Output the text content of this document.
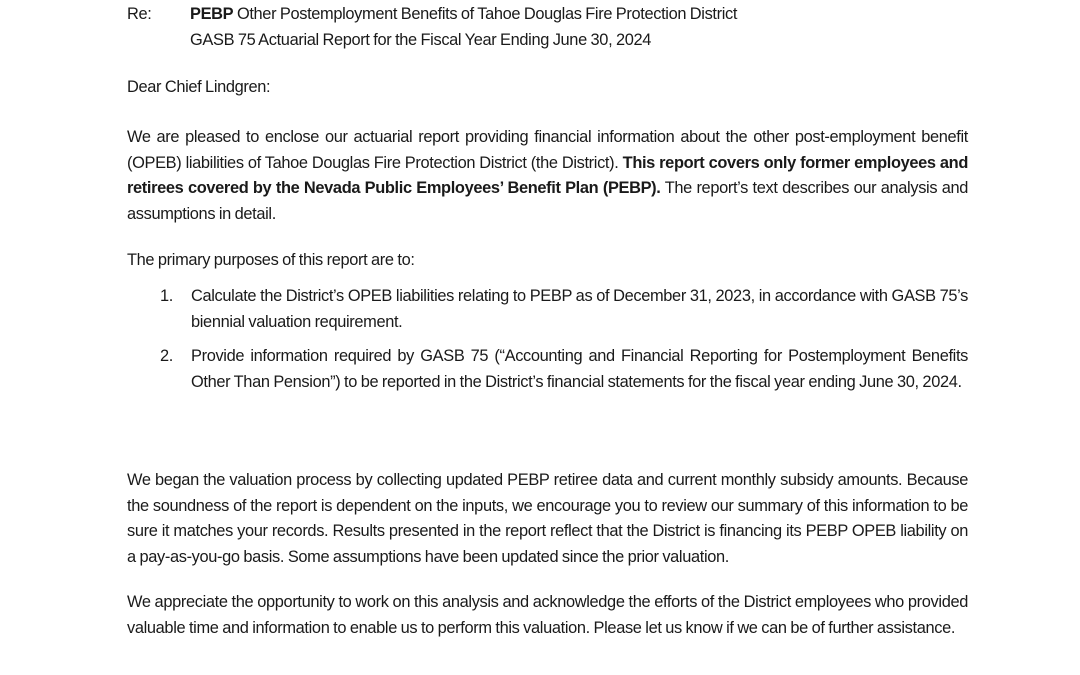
Re:	PEBP Other Postemployment Benefits of Tahoe Douglas Fire Protection District
GASB 75 Actuarial Report for the Fiscal Year Ending June 30, 2024
Dear Chief Lindgren:

We are pleased to enclose our actuarial report providing financial information about the other post-employment benefit (OPEB) liabilities of Tahoe Douglas Fire Protection District (the District). This report covers only former employees and retirees covered by the Nevada Public Employees’ Benefit Plan (PEBP). The report’s text describes our analysis and assumptions in detail.

The primary purposes of this report are to:

1.	Calculate the District’s OPEB liabilities relating to PEBP as of December 31, 2023, in accordance with GASB 75’s biennial valuation requirement.
2.	Provide information required by GASB 75 (“Accounting and Financial Reporting for Postemployment Benefits Other Than Pension”) to be reported in the District’s financial statements for the fiscal year ending June 30, 2024.

We began the valuation process by collecting updated PEBP retiree data and current monthly subsidy amounts. Because the soundness of the report is dependent on the inputs, we encourage you to review our summary of this information to be sure it matches your records. Results presented in the report reflect that the District is financing its PEBP OPEB liability on a pay-as-you-go basis. Some assumptions have been updated since the prior valuation.

We appreciate the opportunity to work on this analysis and acknowledge the efforts of the District employees who provided valuable time and information to enable us to perform this valuation. Please let us know if we can be of further assistance.
